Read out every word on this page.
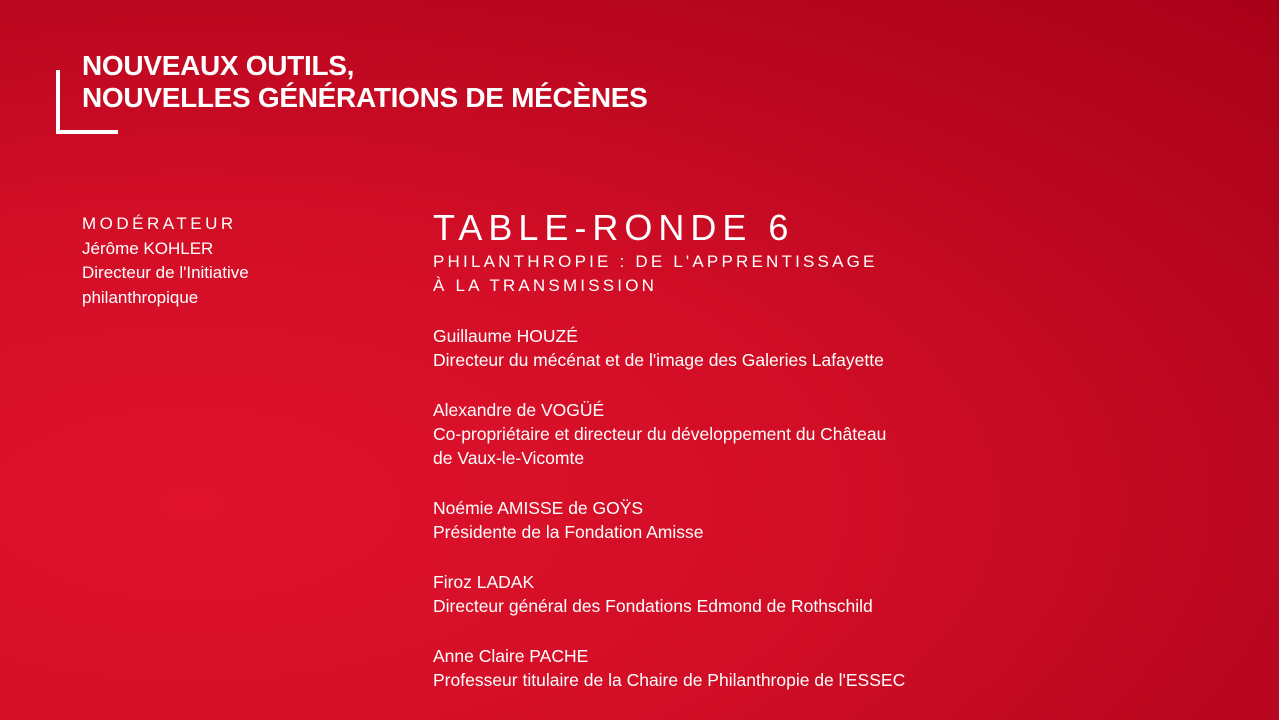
NOUVEAUX OUTILS,
NOUVELLES GÉNÉRATIONS DE MÉCÈNES
MODÉRATEUR
Jérôme KOHLER
Directeur de l'Initiative
philanthropique
TABLE-RONDE 6
PHILANTHROPIE : DE L'APPRENTISSAGE
À LA TRANSMISSION
Guillaume HOUZÉ
Directeur du mécénat et de l'image des Galeries Lafayette
Alexandre de VOGÜÉ
Co-propriétaire et directeur du développement du Château
de Vaux-le-Vicomte
Noémie AMISSE de GOŸS
Présidente de la Fondation Amisse
Firoz LADAK
Directeur général des Fondations Edmond de Rothschild
Anne Claire PACHE
Professeur titulaire de la Chaire de Philanthropie de l'ESSEC
